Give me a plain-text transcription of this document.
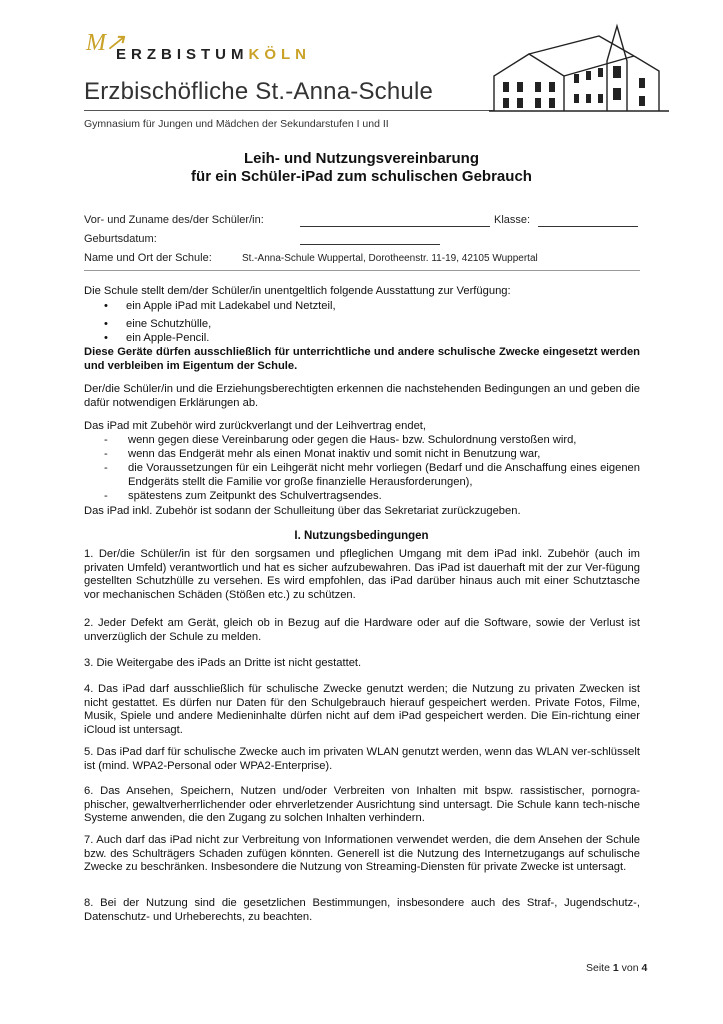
M↗
ERZBISTUMKÖLN
Erzbischöfliche St.-Anna-Schule
Gymnasium für Jungen und Mädchen der Sekundarstufen I und II
Leih- und Nutzungsvereinbarung
für ein Schüler-iPad zum schulischen Gebrauch
Vor- und Zuname des/der Schüler/in:	Klasse:
Geburtsdatum:
Name und Ort der Schule:	St.-Anna-Schule Wuppertal, Dorotheenstr. 11-19, 42105 Wuppertal
Die Schule stellt dem/der Schüler/in unentgeltlich folgende Ausstattung zur Verfügung:
• ein Apple iPad mit Ladekabel und Netzteil,
• eine Schutzhülle,
• ein Apple-Pencil.
Diese Geräte dürfen ausschließlich für unterrichtliche und andere schulische Zwecke eingesetzt werden und verbleiben im Eigentum der Schule.
Der/die Schüler/in und die Erziehungsberechtigten erkennen die nachstehenden Bedingungen an und geben die dafür notwendigen Erklärungen ab.
Das iPad mit Zubehör wird zurückverlangt und der Leihvertrag endet,
-	wenn gegen diese Vereinbarung oder gegen die Haus- bzw. Schulordnung verstoßen wird,
-	wenn das Endgerät mehr als einen Monat inaktiv und somit nicht in Benutzung war,
-	die Voraussetzungen für ein Leihgerät nicht mehr vorliegen (Bedarf und die Anschaffung eines eigenen Endgeräts stellt die Familie vor große finanzielle Herausforderungen),
-	spätestens zum Zeitpunkt des Schulvertragsendes.
Das iPad inkl. Zubehör ist sodann der Schulleitung über das Sekretariat zurückzugeben.
I. Nutzungsbedingungen
1. Der/die Schüler/in ist für den sorgsamen und pfleglichen Umgang mit dem iPad inkl. Zubehör (auch im privaten Umfeld) verantwortlich und hat es sicher aufzubewahren. Das iPad ist dauerhaft mit der zur Ver-fügung gestellten Schutzhülle zu versehen. Es wird empfohlen, das iPad darüber hinaus auch mit einer Schutztasche vor mechanischen Schäden (Stößen etc.) zu schützen.
2. Jeder Defekt am Gerät, gleich ob in Bezug auf die Hardware oder auf die Software, sowie der Verlust ist unverzüglich der Schule zu melden.
3. Die Weitergabe des iPads an Dritte ist nicht gestattet.
4. Das iPad darf ausschließlich für schulische Zwecke genutzt werden; die Nutzung zu privaten Zwecken ist nicht gestattet. Es dürfen nur Daten für den Schulgebrauch hierauf gespeichert werden. Private Fotos, Filme, Musik, Spiele und andere Medieninhalte dürfen nicht auf dem iPad gespeichert werden. Die Ein-richtung einer iCloud ist untersagt.
5. Das iPad darf für schulische Zwecke auch im privaten WLAN genutzt werden, wenn das WLAN ver-schlüsselt ist (mind. WPA2-Personal oder WPA2-Enterprise).
6. Das Ansehen, Speichern, Nutzen und/oder Verbreiten von Inhalten mit bspw. rassistischer, pornogra-phischer, gewaltverherrlichender oder ehrverletzender Ausrichtung sind untersagt. Die Schule kann tech-nische Systeme anwenden, die den Zugang zu solchen Inhalten verhindern.
7. Auch darf das iPad nicht zur Verbreitung von Informationen verwendet werden, die dem Ansehen der Schule bzw. des Schulträgers Schaden zufügen könnten. Generell ist die Nutzung des Internetzugangs auf schulische Zwecke zu beschränken. Insbesondere die Nutzung von Streaming-Diensten für private Zwecke ist untersagt.
8. Bei der Nutzung sind die gesetzlichen Bestimmungen, insbesondere auch des Straf-, Jugendschutz-, Datenschutz- und Urheberechts, zu beachten.
Seite 1 von 4
